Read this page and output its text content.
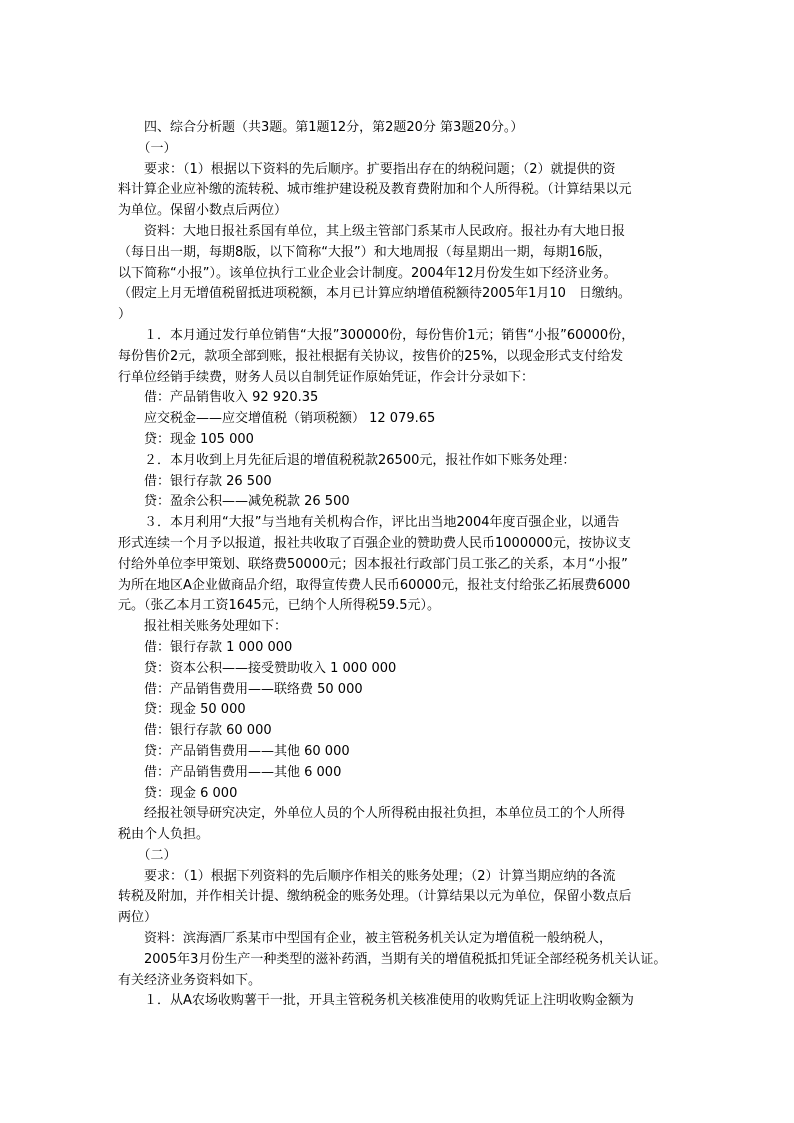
　　四、综合分析题（共3题。第1题12分，第2题20分 第3题20分。）
　　（一）
　　要求：（1）根据以下资料的先后顺序。扩要指出存在的纳税问题；（2）就提供的资
料计算企业应补缴的流转税、城市维护建设税及教育费附加和个人所得税。（计算结果以元
为单位。保留小数点后两位）
　　资料：大地日报社系国有单位，其上级主管部门系某市人民政府。报社办有大地日报
（每日出一期，每期8版，以下简称“大报”）和大地周报（每星期出一期，每期16版，
以下简称“小报”）。该单位执行工业企业会计制度。2004年12月份发生如下经济业务。
（假定上月无增值税留抵进项税额，本月已计算应纳增值税额待2005年1月10　日缴纳。
）
　　１．本月通过发行单位销售“大报”300000份，每份售价1元；销售“小报”60000份，
每份售价2元，款项全部到账，报社根据有关协议，按售价的25%，以现金形式支付给发
行单位经销手续费，财务人员以自制凭证作原始凭证，作会计分录如下：
　　借：产品销售收入 92 920.35
　　应交税金——应交增值税（销项税额） 12 079.65
　　贷：现金 105 000
　　２．本月收到上月先征后退的增值税税款26500元，报社作如下账务处理：
　　借：银行存款 26 500
　　贷：盈余公积——减免税款 26 500
　　３．本月利用“大报”与当地有关机构合作，评比出当地2004年度百强企业，以通告
形式连续一个月予以报道，报社共收取了百强企业的赞助费人民币1000000元，按协议支
付给外单位李甲策划、联络费50000元；因本报社行政部门员工张乙的关系，本月“小报”
为所在地区A企业做商品介绍，取得宣传费人民币60000元，报社支付给张乙拓展费6000
元。（张乙本月工资1645元，已纳个人所得税59.5元）。
　　报社相关账务处理如下：
　　借：银行存款 1 000 000
　　贷：资本公积——接受赞助收入 1 000 000
　　借：产品销售费用——联络费 50 000
　　贷：现金 50 000
　　借：银行存款 60 000
　　贷：产品销售费用——其他 60 000
　　借：产品销售费用——其他 6 000
　　贷：现金 6 000
　　经报社领导研究决定，外单位人员的个人所得税由报社负担，本单位员工的个人所得
税由个人负担。
　　（二）
　　要求：（1）根据下列资料的先后顺序作相关的账务处理；（2）计算当期应纳的各流
转税及附加，并作相关计提、缴纳税金的账务处理。（计算结果以元为单位，保留小数点后
两位）
　　资料：滨海酒厂系某市中型国有企业，被主管税务机关认定为增值税一般纳税人，
　　2005年3月份生产一种类型的滋补药酒，当期有关的增值税抵扣凭证全部经税务机关认证。
有关经济业务资料如下。
　　１．从A农场收购薯干一批，开具主管税务机关核准使用的收购凭证上注明收购金额为
